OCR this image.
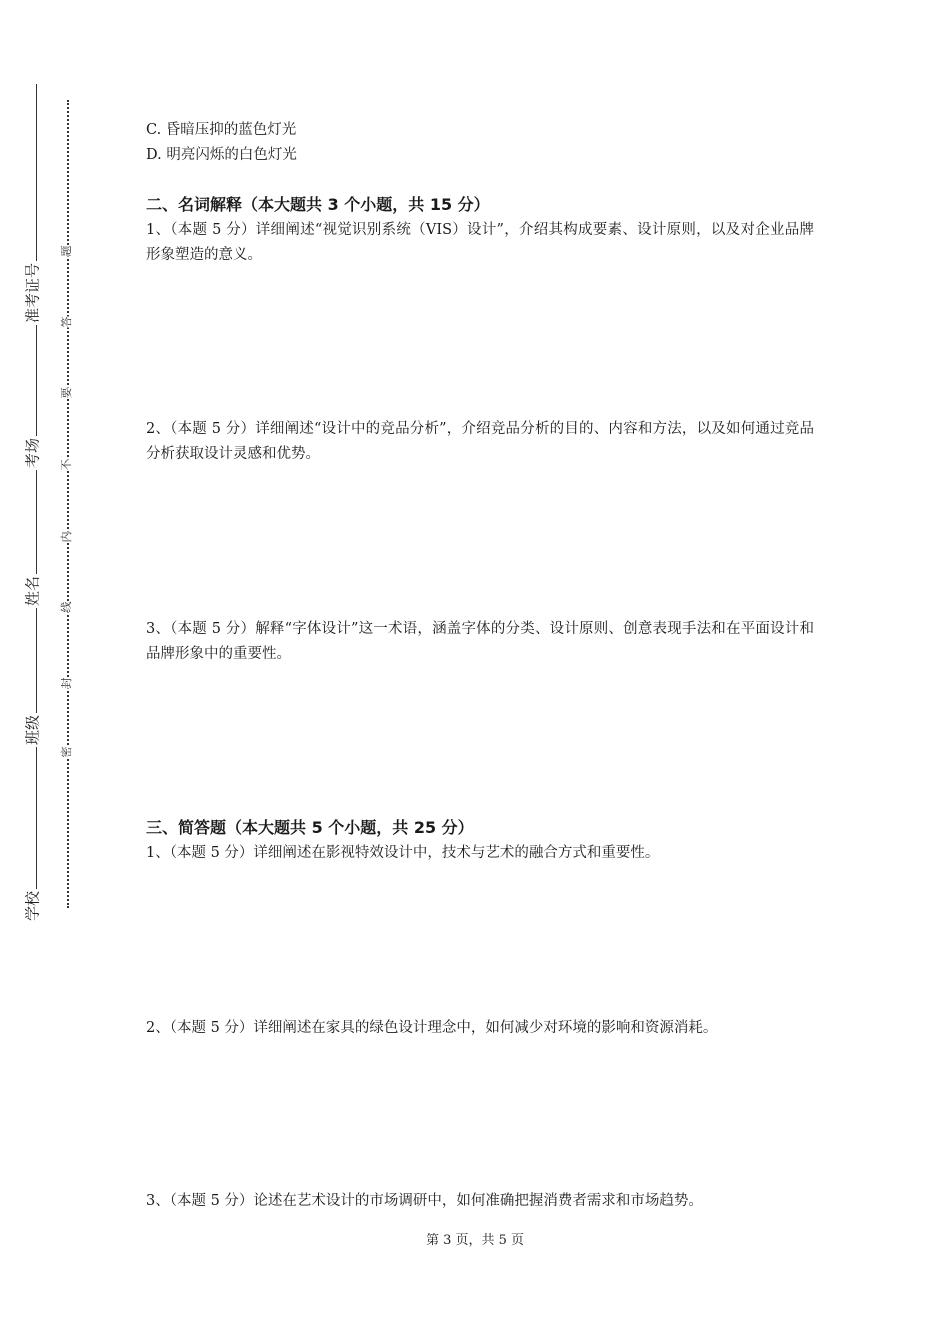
准考证号
考场
姓名
班级
学校
题
答
要
不
内
线
封
密

C. 昏暗压抑的蓝色灯光

D. 明亮闪烁的白色灯光

二、名词解释（本大题共 3 个小题，共 15 分）

1、（本题 5 分）详细阐述“视觉识别系统（VIS）设计”，介绍其构成要素、设计原则，以及对企业品牌形象塑造的意义。

2、（本题 5 分）详细阐述“设计中的竞品分析”，介绍竞品分析的目的、内容和方法，以及如何通过竞品分析获取设计灵感和优势。

3、（本题 5 分）解释“字体设计”这一术语，涵盖字体的分类、设计原则、创意表现手法和在平面设计和品牌形象中的重要性。

三、简答题（本大题共 5 个小题，共 25 分）

1、（本题 5 分）详细阐述在影视特效设计中，技术与艺术的融合方式和重要性。

2、（本题 5 分）详细阐述在家具的绿色设计理念中，如何减少对环境的影响和资源消耗。

3、（本题 5 分）论述在艺术设计的市场调研中，如何准确把握消费者需求和市场趋势。

第 3 页，共 5 页
